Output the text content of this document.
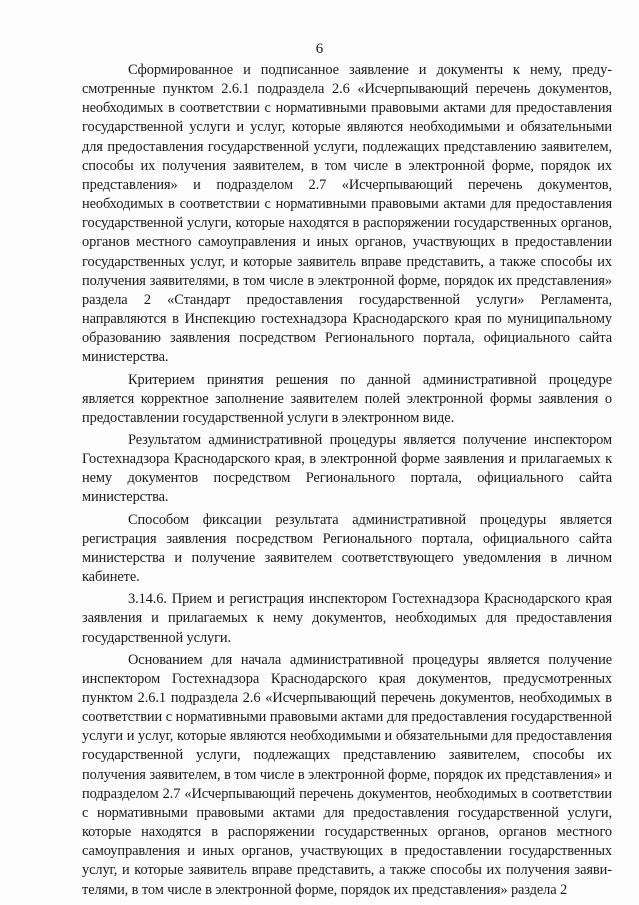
6

Сформированное и подписанное заявление и документы к нему, предусмотренные пунктом 2.6.1 подраздела 2.6 «Исчерпывающий перечень документов, необходимых в соответствии с нормативными правовыми актами для предоставления государственной услуги и услуг, которые являются необходимыми и обязательными для предоставления государственной услуги, подлежащих представлению заявителем, способы их получения заявителем, в том числе в электронной форме, порядок их представления» и подразделом 2.7 «Исчерпывающий перечень документов, необходимых в соответствии с нормативными правовыми актами для предоставления государственной услуги, которые находятся в распоряжении государственных органов, органов местного самоуправления и иных органов, участвующих в предоставлении государственных услуг, и которые заявитель вправе представить, а также способы их получения заявителями, в том числе в электронной форме, порядок их представления» раздела 2 «Стандарт предоставления государственной услуги» Регламента, направляются в Инспекцию гостехнадзора Краснодарского края по муниципальному образованию заявления посредством Регионального портала, официального сайта министерства.

Критерием принятия решения по данной административной процедуре является корректное заполнение заявителем полей электронной формы заявления о предоставлении государственной услуги в электронном виде.

Результатом административной процедуры является получение инспектором Гостехнадзора Краснодарского края, в электронной форме заявления и прилагаемых к нему документов посредством Регионального портала, официального сайта министерства.

Способом фиксации результата административной процедуры является регистрация заявления посредством Регионального портала, официального сайта министерства и получение заявителем соответствующего уведомления в личном кабинете.

3.14.6. Прием и регистрация инспектором Гостехнадзора Краснодарского края заявления и прилагаемых к нему документов, необходимых для предоставления государственной услуги.

Основанием для начала административной процедуры является получение инспектором Гостехнадзора Краснодарского края документов, предусмотренных пунктом 2.6.1 подраздела 2.6 «Исчерпывающий перечень документов, необходимых в соответствии с нормативными правовыми актами для предоставления государственной услуги и услуг, которые являются необходимыми и обязательными для предоставления государственной услуги, подлежащих представлению заявителем, способы их получения заявителем, в том числе в электронной форме, порядок их представления» и подразделом 2.7 «Исчерпывающий перечень документов, необходимых в соответствии с нормативными правовыми актами для предоставления государственной услуги, которые находятся в распоряжении государственных органов, органов местного самоуправления и иных органов, участвующих в предоставлении государственных услуг, и которые заявитель вправе представить, а также способы их получения заявителями, в том числе в электронной форме, порядок их представления» раздела 2
